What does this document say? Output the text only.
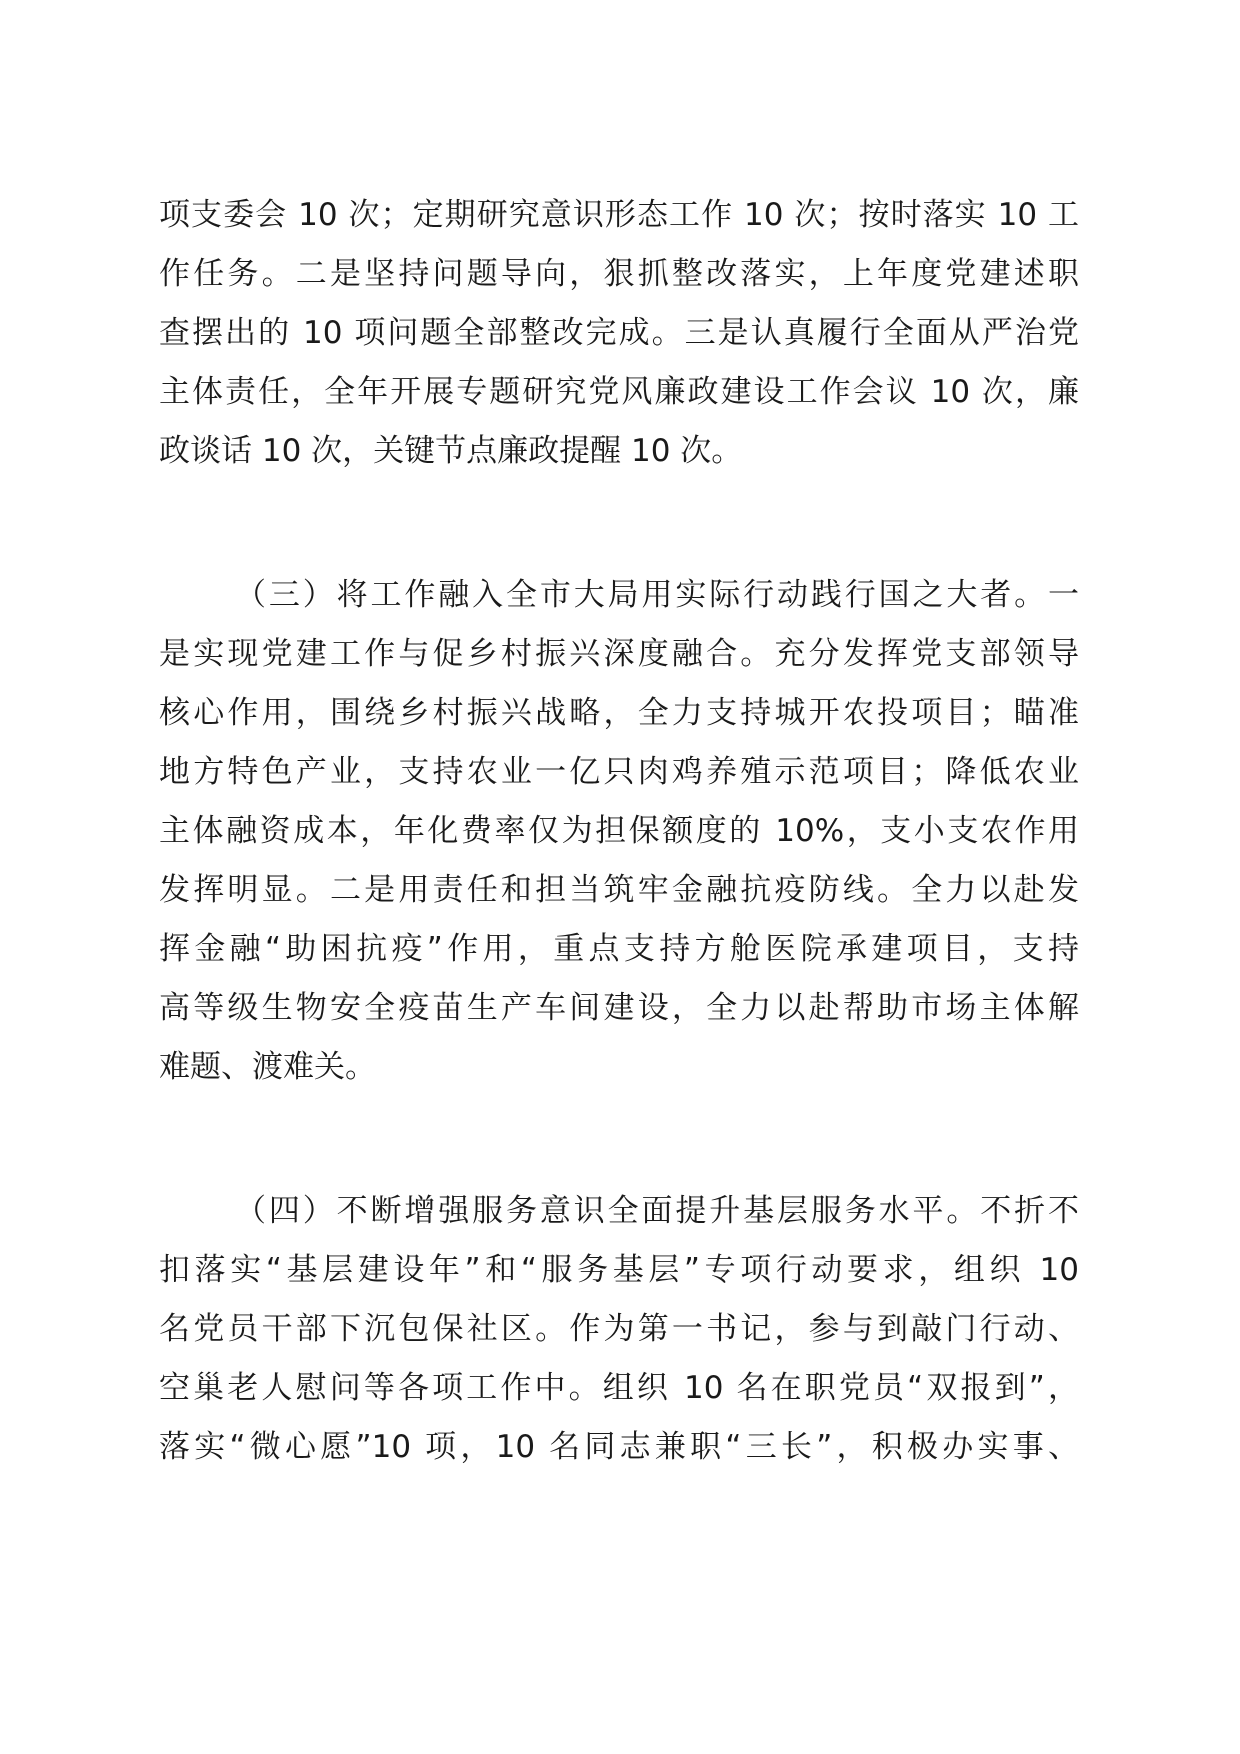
项支委会 10 次；定期研究意识形态工作 10 次；按时落实 10 工
作任务。二是坚持问题导向，狠抓整改落实，上年度党建述职
查摆出的 10 项问题全部整改完成。三是认真履行全面从严治党
主体责任，全年开展专题研究党风廉政建设工作会议 10 次，廉
政谈话 10 次，关键节点廉政提醒 10 次。
（三）将工作融入全市大局用实际行动践行国之大者。一
是实现党建工作与促乡村振兴深度融合。充分发挥党支部领导
核心作用，围绕乡村振兴战略，全力支持城开农投项目；瞄准
地方特色产业，支持农业一亿只肉鸡养殖示范项目；降低农业
主体融资成本，年化费率仅为担保额度的 10%，支小支农作用
发挥明显。二是用责任和担当筑牢金融抗疫防线。全力以赴发
挥金融“助困抗疫”作用，重点支持方舱医院承建项目，支持
高等级生物安全疫苗生产车间建设，全力以赴帮助市场主体解
难题、渡难关。
（四）不断增强服务意识全面提升基层服务水平。不折不
扣落实“基层建设年”和“服务基层”专项行动要求，组织 10
名党员干部下沉包保社区。作为第一书记，参与到敲门行动、
空巢老人慰问等各项工作中。组织 10 名在职党员“双报到”，
落实“微心愿”10 项，10 名同志兼职“三长”，积极办实事、
